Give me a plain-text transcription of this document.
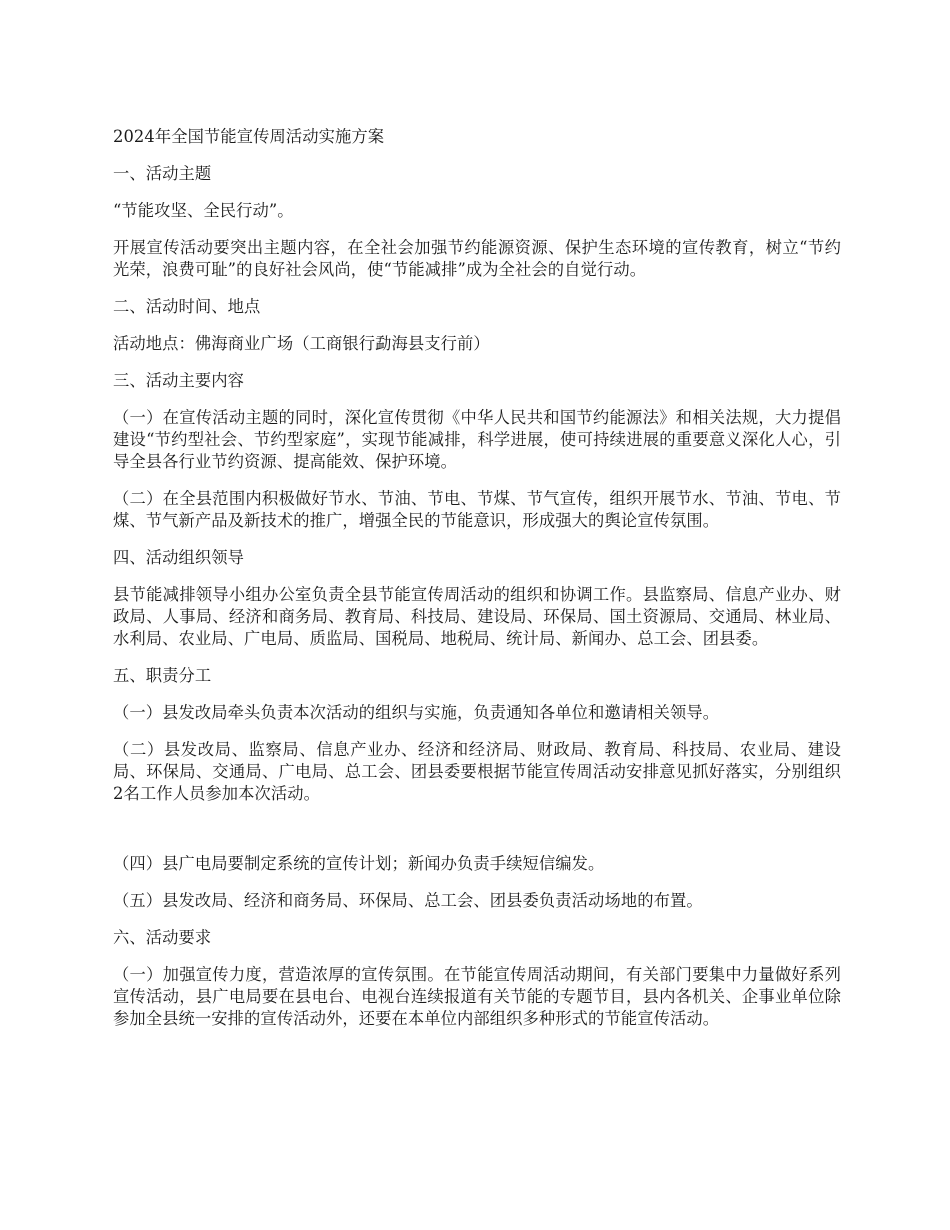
2024年全国节能宣传周活动实施方案

一、活动主题

“节能攻坚、全民行动”。

开展宣传活动要突出主题内容，在全社会加强节约能源资源、保护生态环境的宣传教育，树立“节约光荣，浪费可耻”的良好社会风尚，使“节能减排”成为全社会的自觉行动。

二、活动时间、地点

活动地点：佛海商业广场（工商银行勐海县支行前）

三、活动主要内容

（一）在宣传活动主题的同时，深化宣传贯彻《中华人民共和国节约能源法》和相关法规，大力提倡建设“节约型社会、节约型家庭”，实现节能减排，科学进展，使可持续进展的重要意义深化人心，引导全县各行业节约资源、提高能效、保护环境。

（二）在全县范围内积极做好节水、节油、节电、节煤、节气宣传，组织开展节水、节油、节电、节煤、节气新产品及新技术的推广，增强全民的节能意识，形成强大的舆论宣传氛围。

四、活动组织领导

县节能减排领导小组办公室负责全县节能宣传周活动的组织和协调工作。县监察局、信息产业办、财政局、人事局、经济和商务局、教育局、科技局、建设局、环保局、国土资源局、交通局、林业局、水利局、农业局、广电局、质监局、国税局、地税局、统计局、新闻办、总工会、团县委。

五、职责分工

（一）县发改局牵头负责本次活动的组织与实施，负责通知各单位和邀请相关领导。

（二）县发改局、监察局、信息产业办、经济和经济局、财政局、教育局、科技局、农业局、建设局、环保局、交通局、广电局、总工会、团县委要根据节能宣传周活动安排意见抓好落实，分别组织2名工作人员参加本次活动。

（四）县广电局要制定系统的宣传计划；新闻办负责手续短信编发。

（五）县发改局、经济和商务局、环保局、总工会、团县委负责活动场地的布置。

六、活动要求

（一）加强宣传力度，营造浓厚的宣传氛围。在节能宣传周活动期间，有关部门要集中力量做好系列宣传活动，县广电局要在县电台、电视台连续报道有关节能的专题节目，县内各机关、企事业单位除参加全县统一安排的宣传活动外，还要在本单位内部组织多种形式的节能宣传活动。
